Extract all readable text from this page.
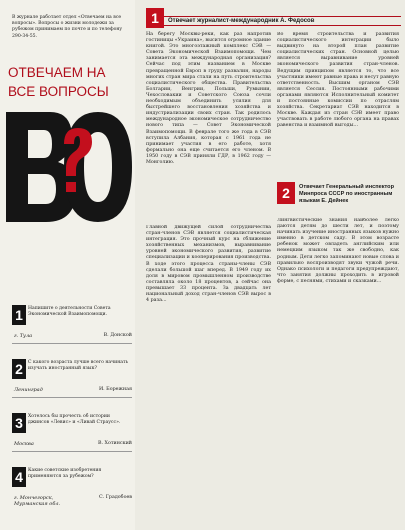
В журнале работает отдел «Отвечаем на все вопросы». Вопросы о жизни молодежи за рубежом принимаем по почте и по телефону 290-34-55.
ОТВЕЧАЕМ НА
ВСЕ ВОПРОСЫ
1 Напишите о деятельности Совета Экономической Взаимопомощи.
г. Тула	В. Донской
2 С какого возраста лучше всего начинать изучать иностранный язык?
Ленинград	И. Борежная
3 Хотелось бы прочесть об истории джинсов «Левис» и «Ливай Страусс».
Москва	В. Хотинский
4 Какие советские изобретения применяются за рубежом?
г. Мончегорск, Мурманская обл.
С. Градобоев
1 Отвечает журналист-международник А. Федосов
На берегу Москвы-реки, как раз напротив гостиницы «Украина», высится огромное здание книгой. Это многоэтажный комплекс СЭВ — Совета Экономической Взаимопомощи. Чем занимается эта международная организация? Сейчас под этим названием в Москве превращенной Европ в груду развалин, народы многих стран мира стали на путь строительства социалистического общества. Правительства Болгарии, Венгрии, Польши, Румынии, Чехословакии и Советского Союза сочли необходимым объединить усилия для быстрейшего восстановления хозяйства и индустриализации своих стран. Так родилось международное экономическое сотрудничество нового типа — Совет Экономической Взаимопомощи. В феврале того же года в СЭВ вступила Албания, которая с 1961 года не принимает участия в его работе, хотя формально она еще считается его членом. В 1950 году в СЭВ приняли ГДР, в 1962 году — Монголию.
Во время строительства и развития социалистического интеграции было выдвинуто на второй план развитие социалистических стран. Основной целью является выравнивание уровней экономического развития стран-членов. Ведущим принципом является то, что все участники имеют равные права и несут равную ответственность. Высшим органом СЭВ является Сессия. Постоянными рабочими органами являются Исполнительный комитет и постоянные комиссии по отраслям хозяйства. Секретариат СЭВ находится в Москве. Каждая из стран СЭВ имеет право участвовать в работе любого органа на правах равенства и взаимной выгоды...
Главной движущей силой сотрудничества стран-членов СЭВ является социалистическая интеграция. Это прочный курс на сближение хозяйственных механизмов, выравнивание уровней экономического развития, развитие специализации и кооперирования производства. В ходе этого процесса страны-члены СЭВ сделали большой шаг вперед. В 1949 году их доля в мировом промышленном производстве составляла около 18 процентов, а сейчас она превышает 33 процента. За двадцать лет национальный доход стран-членов СЭВ вырос в 4 раза...
2 Отвечает Генеральный инспектор Минпроса СССР по иностранным языкам Е. Дейнек
Лингвистические знания наиболее легко даются детям до шести лет, и поэтому начинать изучение иностранных языков нужно именно в детском саду. В этом возрасте ребенок может овладеть английским или немецким языком так же свободно, как родным. Дети легко запоминают новые слова и правильно воспроизводят звуки чужой речи. Однако психологи и педагоги предупреждают, что занятия должны проходить в игровой форме, с песнями, стихами и сказками...
